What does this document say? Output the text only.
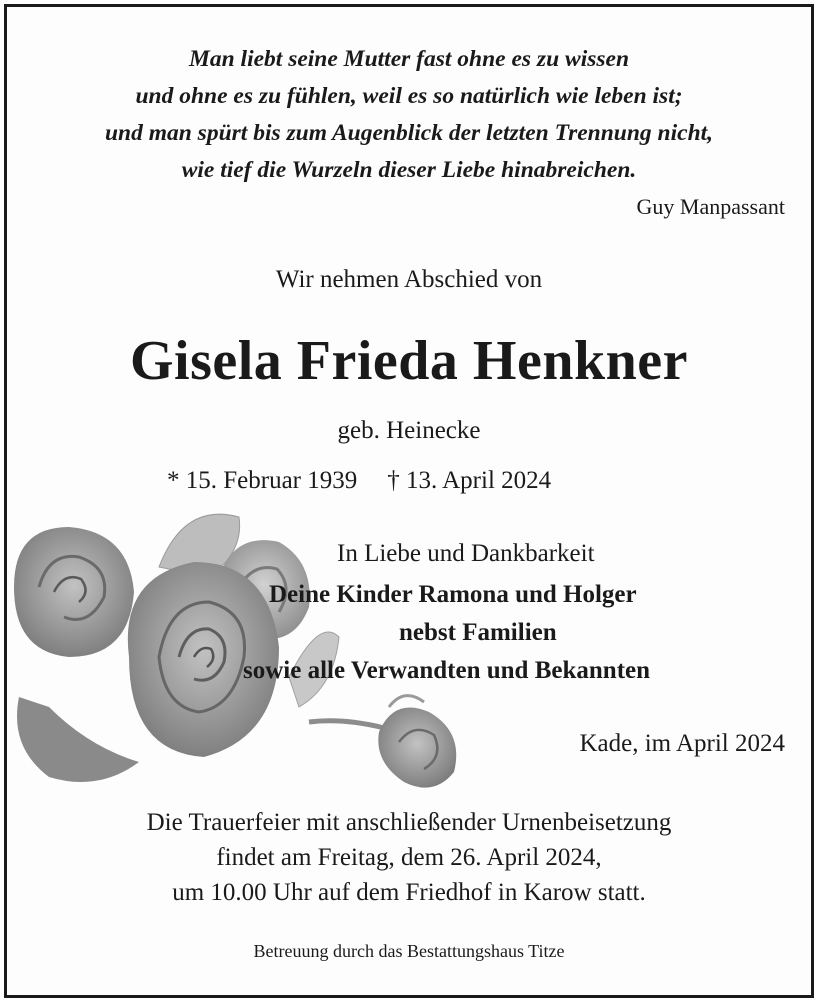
Man liebt seine Mutter fast ohne es zu wissen
und ohne es zu fühlen, weil es so natürlich wie leben ist;
und man spürt bis zum Augenblick der letzten Trennung nicht,
wie tief die Wurzeln dieser Liebe hinabreichen.
Guy Manpassant
Wir nehmen Abschied von
Gisela Frieda Henkner
geb. Heinecke
* 15. Februar 1939 † 13. April 2024
In Liebe und Dankbarkeit
Deine Kinder Ramona und Holger
nebst Familien
sowie alle Verwandten und Bekannten
Kade, im April 2024
Die Trauerfeier mit anschließender Urnenbeisetzung
findet am Freitag, dem 26. April 2024,
um 10.00 Uhr auf dem Friedhof in Karow statt.
Betreuung durch das Bestattungshaus Titze
